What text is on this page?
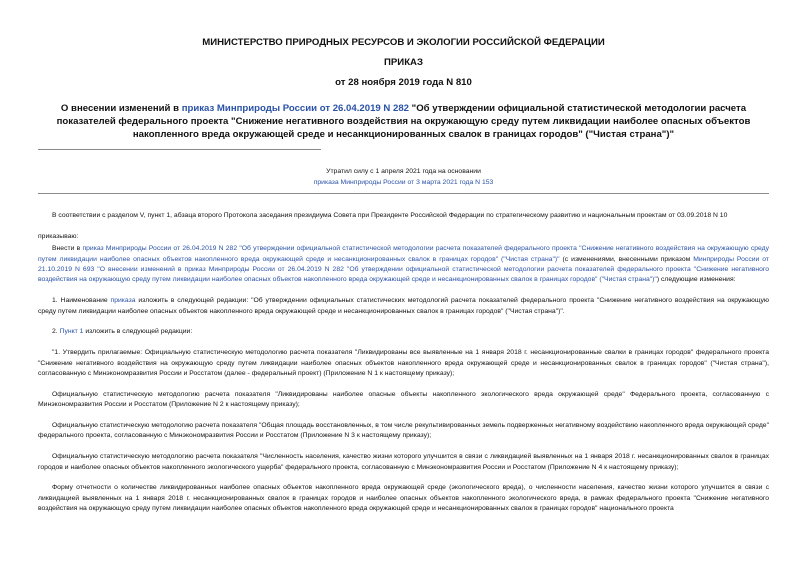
МИНИСТЕРСТВО ПРИРОДНЫХ РЕСУРСОВ И ЭКОЛОГИИ РОССИЙСКОЙ ФЕДЕРАЦИИ
ПРИКАЗ
от 28 ноября 2019 года N 810
О внесении изменений в приказ Минприроды России от 26.04.2019 N 282 "Об утверждении официальной статистической методологии расчета показателей федерального проекта "Снижение негативного воздействия на окружающую среду путем ликвидации наиболее опасных объектов накопленного вреда окружающей среде и несанкционированных свалок в границах городов" ("Чистая страна")"
Утратил силу с 1 апреля 2021 года на основании
приказа Минприроды России от 3 марта 2021 года N 153

В соответствии с разделом V, пункт 1, абзаца второго Протокола заседания президиума Совета при Президенте Российской Федерации по стратегическому развитию и национальным проектам от 03.09.2018 N 10

приказываю:

Внести в приказ Минприроды России от 26.04.2019 N 282 "Об утверждении официальной статистической методологии расчета показателей федерального проекта "Снижение негативного воздействия на окружающую среду путем ликвидации наиболее опасных объектов накопленного вреда окружающей среде и несанкционированных свалок в границах городов" ("Чистая страна")" (с изменениями, внесенными приказом Минприроды России от 21.10.2019 N 693 "О внесении изменений в приказ Минприроды России от 26.04.2019 N 282 "Об утверждении официальной статистической методологии расчета показателей федерального проекта "Снижение негативного воздействия на окружающую среду путем ликвидации наиболее опасных объектов накопленного вреда окружающей среде и несанкционированных свалок в границах городов" ("Чистая страна")") следующие изменения:

1. Наименование приказа изложить в следующей редакции: "Об утверждении официальных статистических методологий расчета показателей федерального проекта "Снижение негативного воздействия на окружающую среду путем ликвидации наиболее опасных объектов накопленного вреда окружающей среде и несанкционированных свалок в границах городов" ("Чистая страна")".

2. Пункт 1 изложить в следующей редакции:

"1. Утвердить прилагаемые: Официальную статистическую методологию расчета показателя "Ликвидированы все выявленные на 1 января 2018 г. несанкционированные свалки в границах городов" федерального проекта "Снижение негативного воздействия на окружающую среду путем ликвидации наиболее опасных объектов накопленного вреда окружающей среде и несанкционированных свалок в границах городов" ("Чистая страна"), согласованную с Минэкономразвития России и Росстатом (далее - федеральный проект) (Приложение N 1 к настоящему приказу);

Официальную статистическую методологию расчета показателя "Ликвидированы наиболее опасные объекты накопленного экологического вреда окружающей среде" Федерального проекта, согласованную с Минэкономразвития России и Росстатом (Приложение N 2 к настоящему приказу);

Официальную статистическую методологию расчета показателя "Общая площадь восстановленных, в том числе рекультивированных земель подверженных негативному воздействию накопленного вреда окружающей среде" федерального проекта, согласованную с Минэкономразвития России и Росстатом (Приложение N 3 к настоящему приказу);

Официальную статистическую методологию расчета показателя "Численность населения, качество жизни которого улучшится в связи с ликвидацией выявленных на 1 января 2018 г. несанкционированных свалок в границах городов и наиболее опасных объектов накопленного экологического ущерба" федерального проекта, согласованную с Минэкономразвития России и Росстатом (Приложение N 4 к настоящему приказу);

Форму отчетности о количестве ликвидированных наиболее опасных объектов накопленного вреда окружающей среде (экологического вреда), о численности населения, качество жизни которого улучшится в связи с ликвидацией выявленных на 1 января 2018 г. несанкционированных свалок в границах городов и наиболее опасных объектов накопленного экологического вреда, в рамках федерального проекта "Снижение негативного воздействия на окружающую среду путем ликвидации наиболее опасных объектов накопленного вреда окружающей среде и несанкционированных свалок в границах городов" национального проекта
